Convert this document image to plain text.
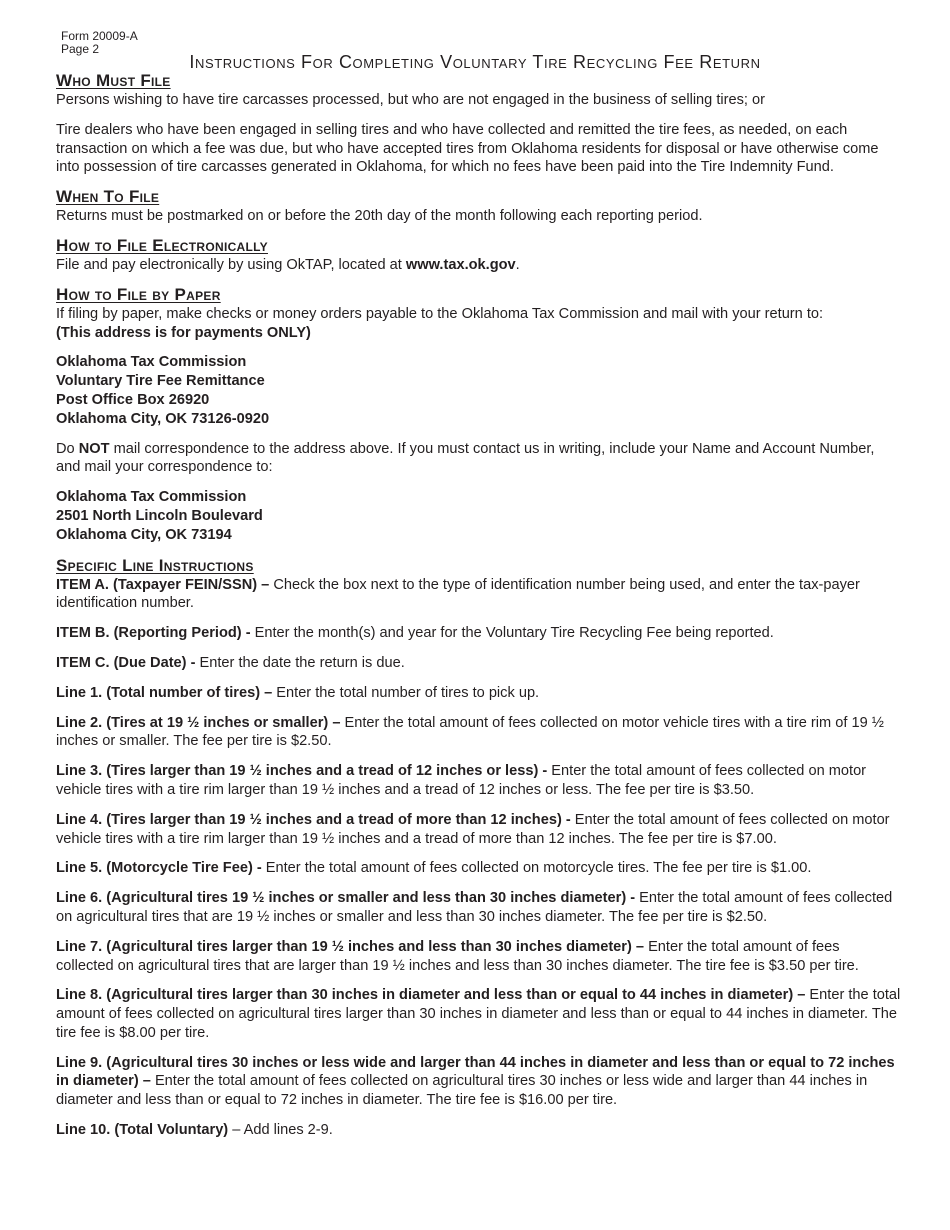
Form 20009-A
Page 2
Instructions For Completing Voluntary Tire Recycling Fee Return
Who Must File

Persons wishing to have tire carcasses processed, but who are not engaged in the business of selling tires; or

Tire dealers who have been engaged in selling tires and who have collected and remitted the tire fees, as needed, on each transaction on which a fee was due, but who have accepted tires from Oklahoma residents for disposal or have otherwise come into possession of tire carcasses generated in Oklahoma, for which no fees have been paid into the Tire Indemnity Fund.

When To File

Returns must be postmarked on or before the 20th day of the month following each reporting period.

How to File Electronically

File and pay electronically by using OkTAP, located at www.tax.ok.gov.

How to File by Paper

If filing by paper, make checks or money orders payable to the Oklahoma Tax Commission and mail with your return to:

(This address is for payments ONLY)

Oklahoma Tax Commission

Voluntary Tire Fee Remittance

Post Office Box 26920

Oklahoma City, OK 73126-0920

Do NOT mail correspondence to the address above. If you must contact us in writing, include your Name and Account Number, and mail your correspondence to:

Oklahoma Tax Commission

2501 North Lincoln Boulevard

Oklahoma City, OK 73194

Specific Line Instructions

ITEM A. (Taxpayer FEIN/SSN) – Check the box next to the type of identification number being used, and enter the tax-payer identification number.

ITEM B. (Reporting Period) - Enter the month(s) and year for the Voluntary Tire Recycling Fee being reported.

ITEM C. (Due Date) - Enter the date the return is due.

Line 1. (Total number of tires) – Enter the total number of tires to pick up.

Line 2. (Tires at 19 ½ inches or smaller) – Enter the total amount of fees collected on motor vehicle tires with a tire rim of 19 ½ inches or smaller. The fee per tire is $2.50.

Line 3. (Tires larger than 19 ½ inches and a tread of 12 inches or less) - Enter the total amount of fees collected on motor vehicle tires with a tire rim larger than 19 ½ inches and a tread of 12 inches or less. The fee per tire is $3.50.

Line 4. (Tires larger than 19 ½ inches and a tread of more than 12 inches) - Enter the total amount of fees collected on motor vehicle tires with a tire rim larger than 19 ½ inches and a tread of more than 12 inches. The fee per tire is $7.00.

Line 5. (Motorcycle Tire Fee) - Enter the total amount of fees collected on motorcycle tires. The fee per tire is $1.00.

Line 6. (Agricultural tires 19 ½ inches or smaller and less than 30 inches diameter) - Enter the total amount of fees collected on agricultural tires that are 19 ½ inches or smaller and less than 30 inches diameter. The fee per tire is $2.50.

Line 7. (Agricultural tires larger than 19 ½ inches and less than 30 inches diameter) – Enter the total amount of fees collected on agricultural tires that are larger than 19 ½ inches and less than 30 inches diameter. The tire fee is $3.50 per tire.

Line 8. (Agricultural tires larger than 30 inches in diameter and less than or equal to 44 inches in diameter) – Enter the total amount of fees collected on agricultural tires larger than 30 inches in diameter and less than or equal to 44 inches in diameter. The tire fee is $8.00 per tire.

Line 9. (Agricultural tires 30 inches or less wide and larger than 44 inches in diameter and less than or equal to 72 inches in diameter) – Enter the total amount of fees collected on agricultural tires 30 inches or less wide and larger than 44 inches in diameter and less than or equal to 72 inches in diameter. The tire fee is $16.00 per tire.

Line 10. (Total Voluntary) – Add lines 2-9.
